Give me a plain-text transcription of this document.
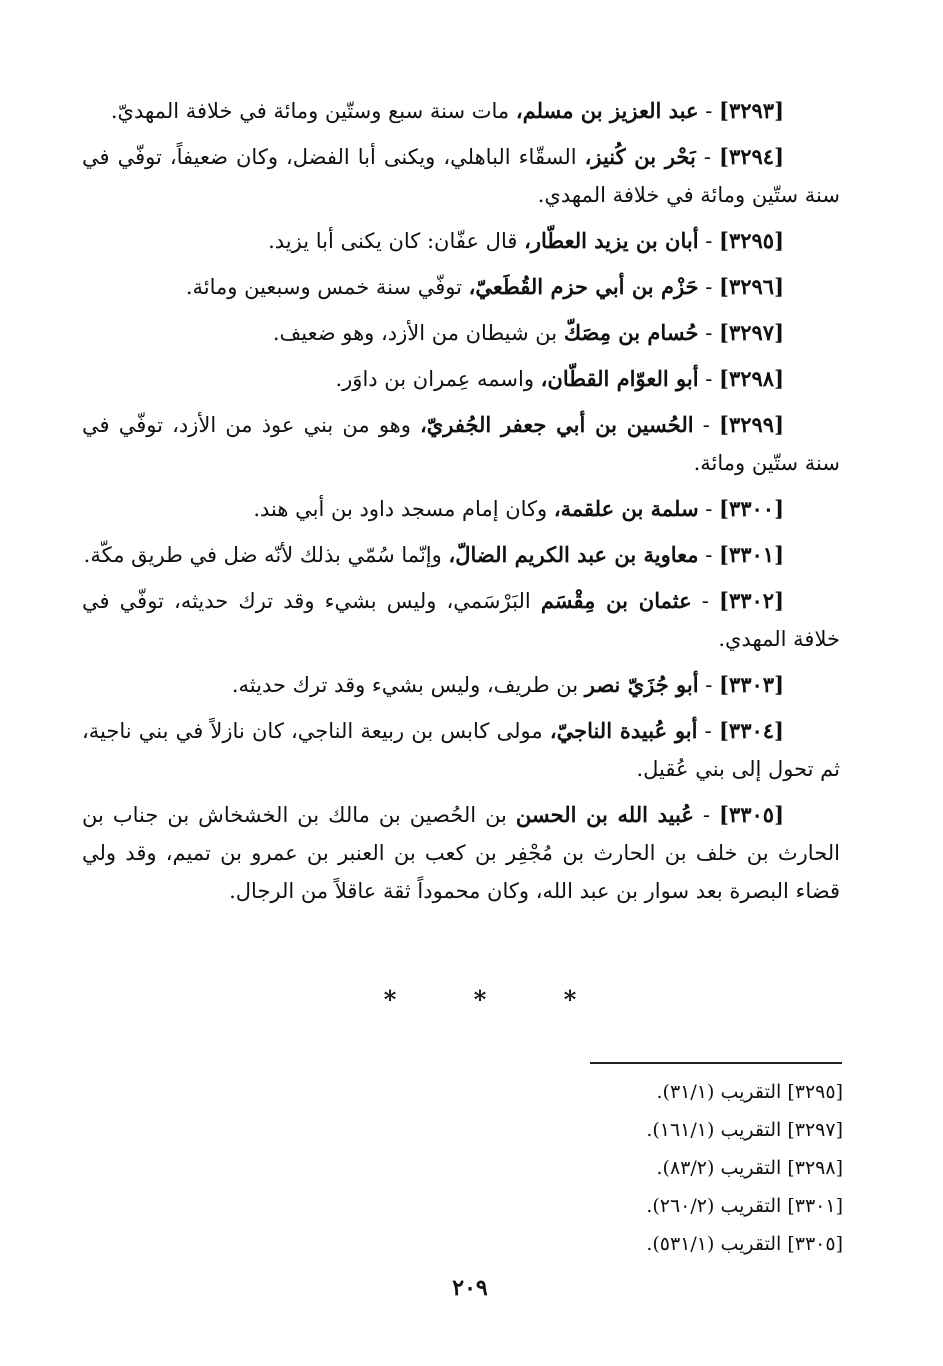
[٣٢٩٣] - عبد العزيز بن مسلم، مات سنة سبع وستّين ومائة في خلافة المهديّ.

[٣٢٩٤] - بَحْر بن كُنيز، السقّاء الباهلي، ويكنى أبا الفضل، وكان ضعيفاً، توفّي في سنة ستّين ومائة في خلافة المهدي.

[٣٢٩٥] - أبان بن يزيد العطّار، قال عفّان: كان يكنى أبا يزيد.

[٣٢٩٦] - حَزْم بن أبي حزم القُطَعيّ، توفّي سنة خمس وسبعين ومائة.

[٣٢٩٧] - حُسام بن مِصَكّ بن شيطان من الأزد، وهو ضعيف.

[٣٢٩٨] - أبو العوّام القطّان، واسمه عِمران بن داوَر.

[٣٢٩٩] - الحُسين بن أبي جعفر الجُفريّ، وهو من بني عوذ من الأزد، توفّي في سنة ستّين ومائة.

[٣٣٠٠] - سلمة بن علقمة، وكان إمام مسجد داود بن أبي هند.

[٣٣٠١] - معاوية بن عبد الكريم الضالّ، وإنّما سُمّي بذلك لأنّه ضل في طريق مكّة.

[٣٣٠٢] - عثمان بن مِقْسَم البَرْسَمي، وليس بشيء وقد ترك حديثه، توفّي في خلافة المهدي.

[٣٣٠٣] - أبو جُزَيّ نصر بن طريف، وليس بشيء وقد ترك حديثه.

[٣٣٠٤] - أبو عُبيدة الناجيّ، مولى كابس بن ربيعة الناجي، كان نازلاً في بني ناجية، ثم تحول إلى بني عُقيل.

[٣٣٠٥] - عُبيد الله بن الحسن بن الحُصين بن مالك بن الخشخاش بن جناب بن الحارث بن خلف بن الحارث بن مُجْفِر بن كعب بن العنبر بن عمرو بن تميم، وقد ولي قضاء البصرة بعد سوار بن عبد الله، وكان محموداً ثقة عاقلاً من الرجال.

*	*	*

[٣٢٩٥] التقريب (٣١/١).

[٣٢٩٧] التقريب (١٦١/١).

[٣٢٩٨] التقريب (٨٣/٢).

[٣٣٠١] التقريب (٢٦٠/٢).

[٣٣٠٥] التقريب (٥٣١/١).

٢٠٩
